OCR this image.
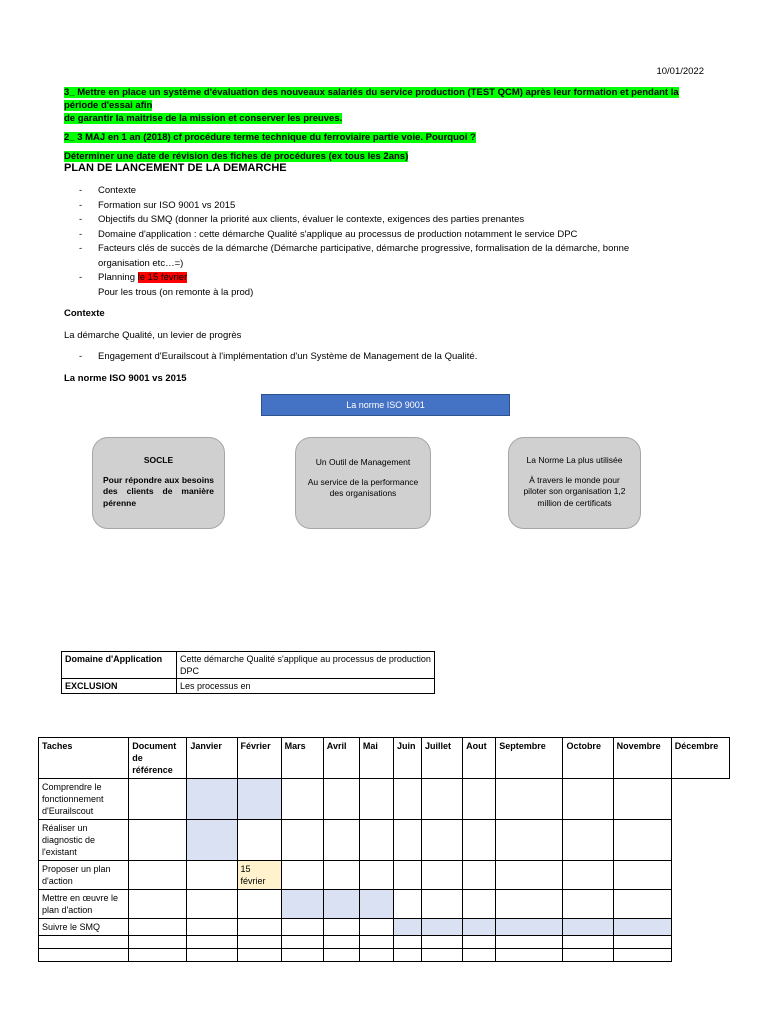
10/01/2022
3_ Mettre en place un système d'évaluation des nouveaux salariés du service production (TEST QCM) après leur formation et pendant la période d'essai afin
de garantir la maitrise de la mission et conserver les preuves.
2_ 3 MAJ en 1 an (2018) cf procédure terme technique du ferroviaire partie voie. Pourquoi ?
Déterminer une date de révision des fiches de procédures (ex tous les 2ans)
PLAN DE LANCEMENT DE LA DEMARCHE
- Contexte
- Formation sur ISO 9001 vs 2015
- Objectifs du SMQ (donner la priorité aux clients, évaluer le contexte, exigences des parties prenantes
- Domaine d'application : cette démarche Qualité s'applique au processus de production notamment le service DPC
- Facteurs clés de succès de la démarche (Démarche participative, démarche progressive, formalisation de la démarche, bonne
organisation etc…=)
- Planning le 15 février
Pour les trous (on remonte à la prod)
Contexte
La démarche Qualité, un levier de progrès
- Engagement d'Eurailscout à l'implémentation d'un Système de Management de la Qualité.
La norme ISO 9001 vs 2015
La norme ISO 9001
SOCLE
Pour répondre aux besoins des clients de manière pérenne
Un Outil de Management
Au service de la performance des organisations
La Norme La plus utilisée
À travers le monde pour piloter son organisation 1,2 million de certificats
Domaine d'Application	Cette démarche Qualité s'applique au processus de production DPC
EXCLUSION	Les processus en
Taches	Document de référence	Janvier	Février	Mars	Avril	Mai	Juin	Juillet	Aout	Septembre	Octobre	Novembre	Décembre
Comprendre le fonctionnement d'Eurailscout													
Réaliser un diagnostic de l'existant													
Proposer un plan d'action			15 février										
Mettre en œuvre le plan d'action													
Suivre le SMQ													
